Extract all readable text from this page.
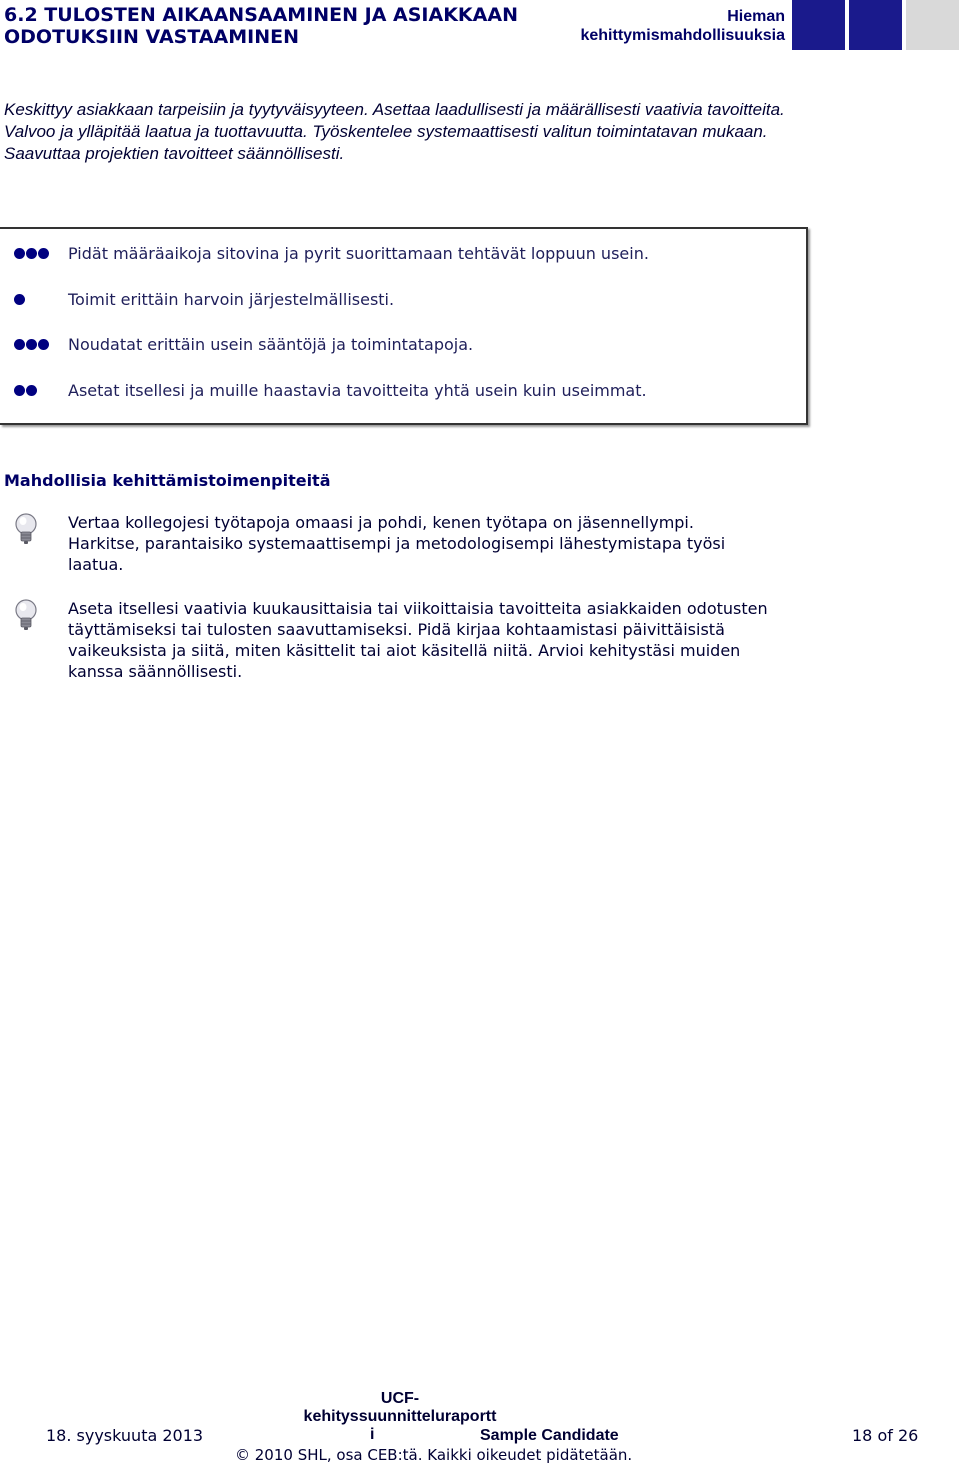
6.2 TULOSTEN AIKAANSAAMINEN JA ASIAKKAAN ODOTUKSIIN VASTAAMINEN
Hieman kehittymismahdollisuuksia
Keskittyy asiakkaan tarpeisiin ja tyytyväisyyteen. Asettaa laadullisesti ja määrällisesti vaativia tavoitteita. Valvoo ja ylläpitää laatua ja tuottavuutta. Työskentelee systemaattisesti valitun toimintatavan mukaan. Saavuttaa projektien tavoitteet säännöllisesti.
Pidät määräaikoja sitovina ja pyrit suorittamaan tehtävät loppuun usein.
Toimit erittäin harvoin järjestelmällisesti.
Noudatat erittäin usein sääntöjä ja toimintatapoja.
Asetat itsellesi ja muille haastavia tavoitteita yhtä usein kuin useimmat.
Mahdollisia kehittämistoimenpiteitä
Vertaa kollegojesi työtapoja omaasi ja pohdi, kenen työtapa on jäsennellympi. Harkitse, parantaisiko systemaattisempi ja metodologisempi lähestymistapa työsi laatua.
Aseta itsellesi vaativia kuukausittaisia tai viikoittaisia tavoitteita asiakkaiden odotusten täyttämiseksi tai tulosten saavuttamiseksi. Pidä kirjaa kohtaamistasi päivittäisistä vaikeuksista ja siitä, miten käsittelit tai aiot käsitellä niitä. Arvioi kehitystäsi muiden kanssa säännöllisesti.
18. syyskuuta 2013
UCF-
kehityssuunnitteluraportt
i	Sample Candidate	18 of 26
© 2010 SHL, osa CEB:tä. Kaikki oikeudet pidätetään.
